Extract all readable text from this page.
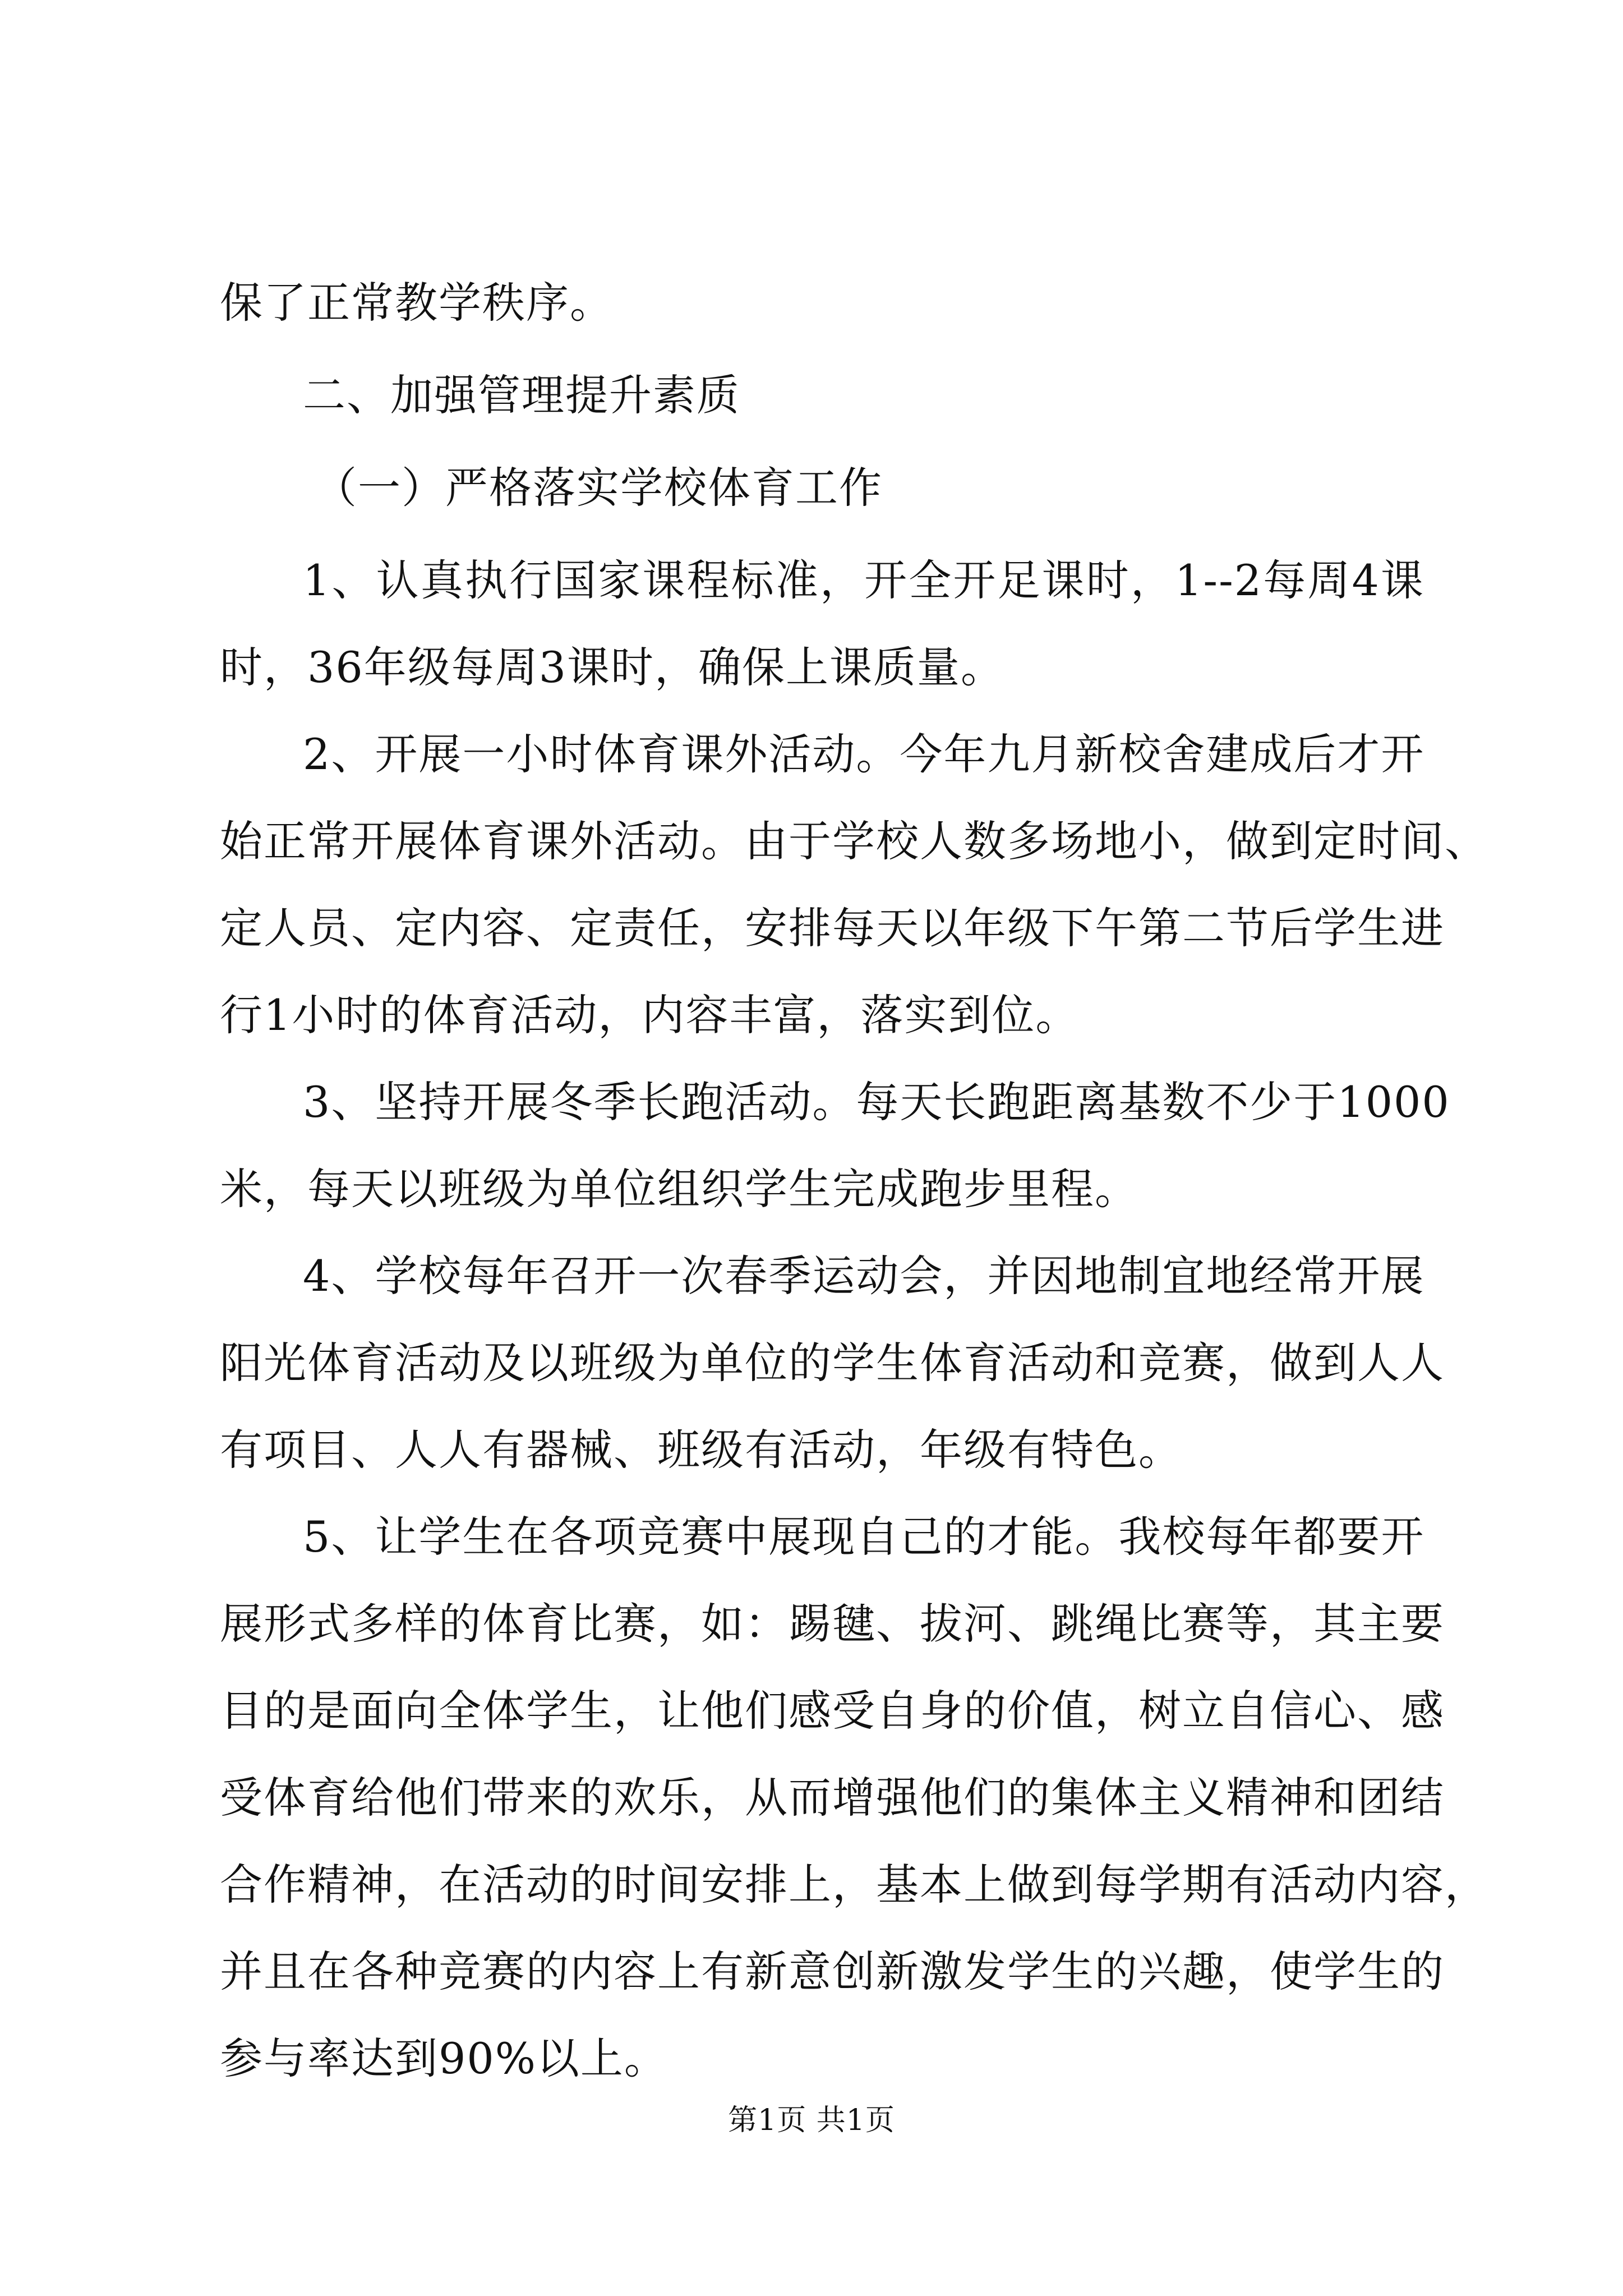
保了正常教学秩序。
二、加强管理提升素质
（一）严格落实学校体育工作
1、认真执行国家课程标准，开全开足课时，1--2每周4课
时，36年级每周3课时，确保上课质量。
2、开展一小时体育课外活动。今年九月新校舍建成后才开
始正常开展体育课外活动。由于学校人数多场地小，做到定时间、
定人员、定内容、定责任，安排每天以年级下午第二节后学生进
行1小时的体育活动，内容丰富，落实到位。
3、坚持开展冬季长跑活动。每天长跑距离基数不少于1000
米，每天以班级为单位组织学生完成跑步里程。
4、学校每年召开一次春季运动会，并因地制宜地经常开展
阳光体育活动及以班级为单位的学生体育活动和竞赛，做到人人
有项目、人人有器械、班级有活动，年级有特色。
5、让学生在各项竞赛中展现自己的才能。我校每年都要开
展形式多样的体育比赛，如：踢毽、拔河、跳绳比赛等，其主要
目的是面向全体学生，让他们感受自身的价值，树立自信心、感
受体育给他们带来的欢乐，从而增强他们的集体主义精神和团结
合作精神，在活动的时间安排上，基本上做到每学期有活动内容，
并且在各种竞赛的内容上有新意创新激发学生的兴趣，使学生的
参与率达到90%以上。
第1页 共1页
